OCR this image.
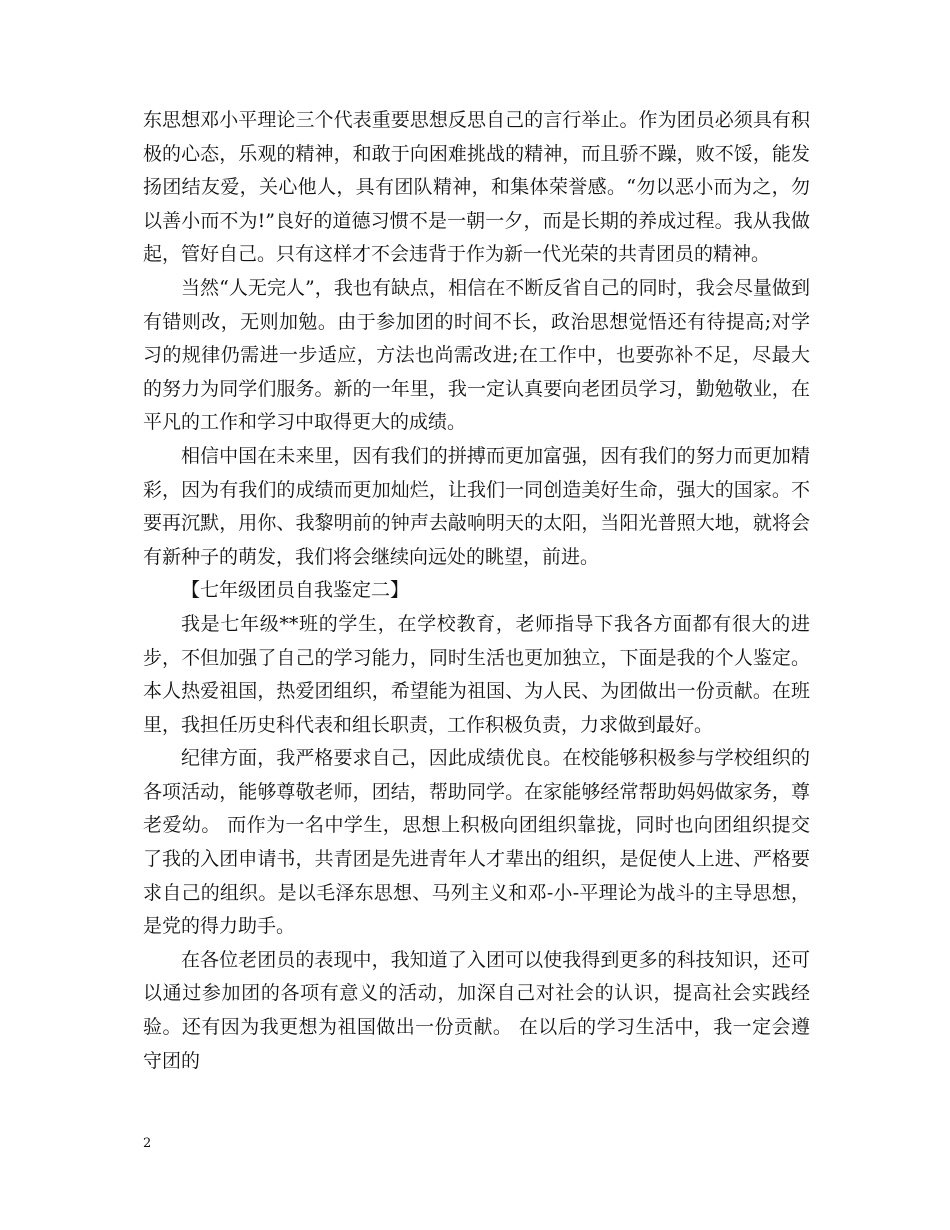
东思想邓小平理论三个代表重要思想反思自己的言行举止。作为团员必须具有积极的心态，乐观的精神，和敢于向困难挑战的精神，而且骄不躁，败不馁，能发扬团结友爱，关心他人，具有团队精神，和集体荣誉感。“勿以恶小而为之，勿以善小而不为!”良好的道德习惯不是一朝一夕，而是长期的养成过程。我从我做起，管好自己。只有这样才不会违背于作为新一代光荣的共青团员的精神。

当然“人无完人”，我也有缺点，相信在不断反省自己的同时，我会尽量做到有错则改，无则加勉。由于参加团的时间不长，政治思想觉悟还有待提高;对学习的规律仍需进一步适应，方法也尚需改进;在工作中，也要弥补不足，尽最大的努力为同学们服务。新的一年里，我一定认真要向老团员学习，勤勉敬业，在平凡的工作和学习中取得更大的成绩。

相信中国在未来里，因有我们的拼搏而更加富强，因有我们的努力而更加精彩，因为有我们的成绩而更加灿烂，让我们一同创造美好生命，强大的国家。不要再沉默，用你、我黎明前的钟声去敲响明天的太阳，当阳光普照大地，就将会有新种子的萌发，我们将会继续向远处的眺望，前进。

【七年级团员自我鉴定二】

我是七年级**班的学生，在学校教育，老师指导下我各方面都有很大的进步，不但加强了自己的学习能力，同时生活也更加独立，下面是我的个人鉴定。 本人热爱祖国，热爱团组织，希望能为祖国、为人民、为团做出一份贡献。在班里，我担任历史科代表和组长职责，工作积极负责，力求做到最好。

纪律方面，我严格要求自己，因此成绩优良。在校能够积极参与学校组织的各项活动，能够尊敬老师，团结，帮助同学。在家能够经常帮助妈妈做家务，尊老爱幼。 而作为一名中学生，思想上积极向团组织靠拢，同时也向团组织提交了我的入团申请书，共青团是先进青年人才辈出的组织，是促使人上进、严格要求自己的组织。是以毛泽东思想、马列主义和邓-小-平理论为战斗的主导思想，是党的得力助手。

在各位老团员的表现中，我知道了入团可以使我得到更多的科技知识，还可以通过参加团的各项有意义的活动，加深自己对社会的认识，提高社会实践经验。还有因为我更想为祖国做出一份贡献。 在以后的学习生活中，我一定会遵守团的

2
